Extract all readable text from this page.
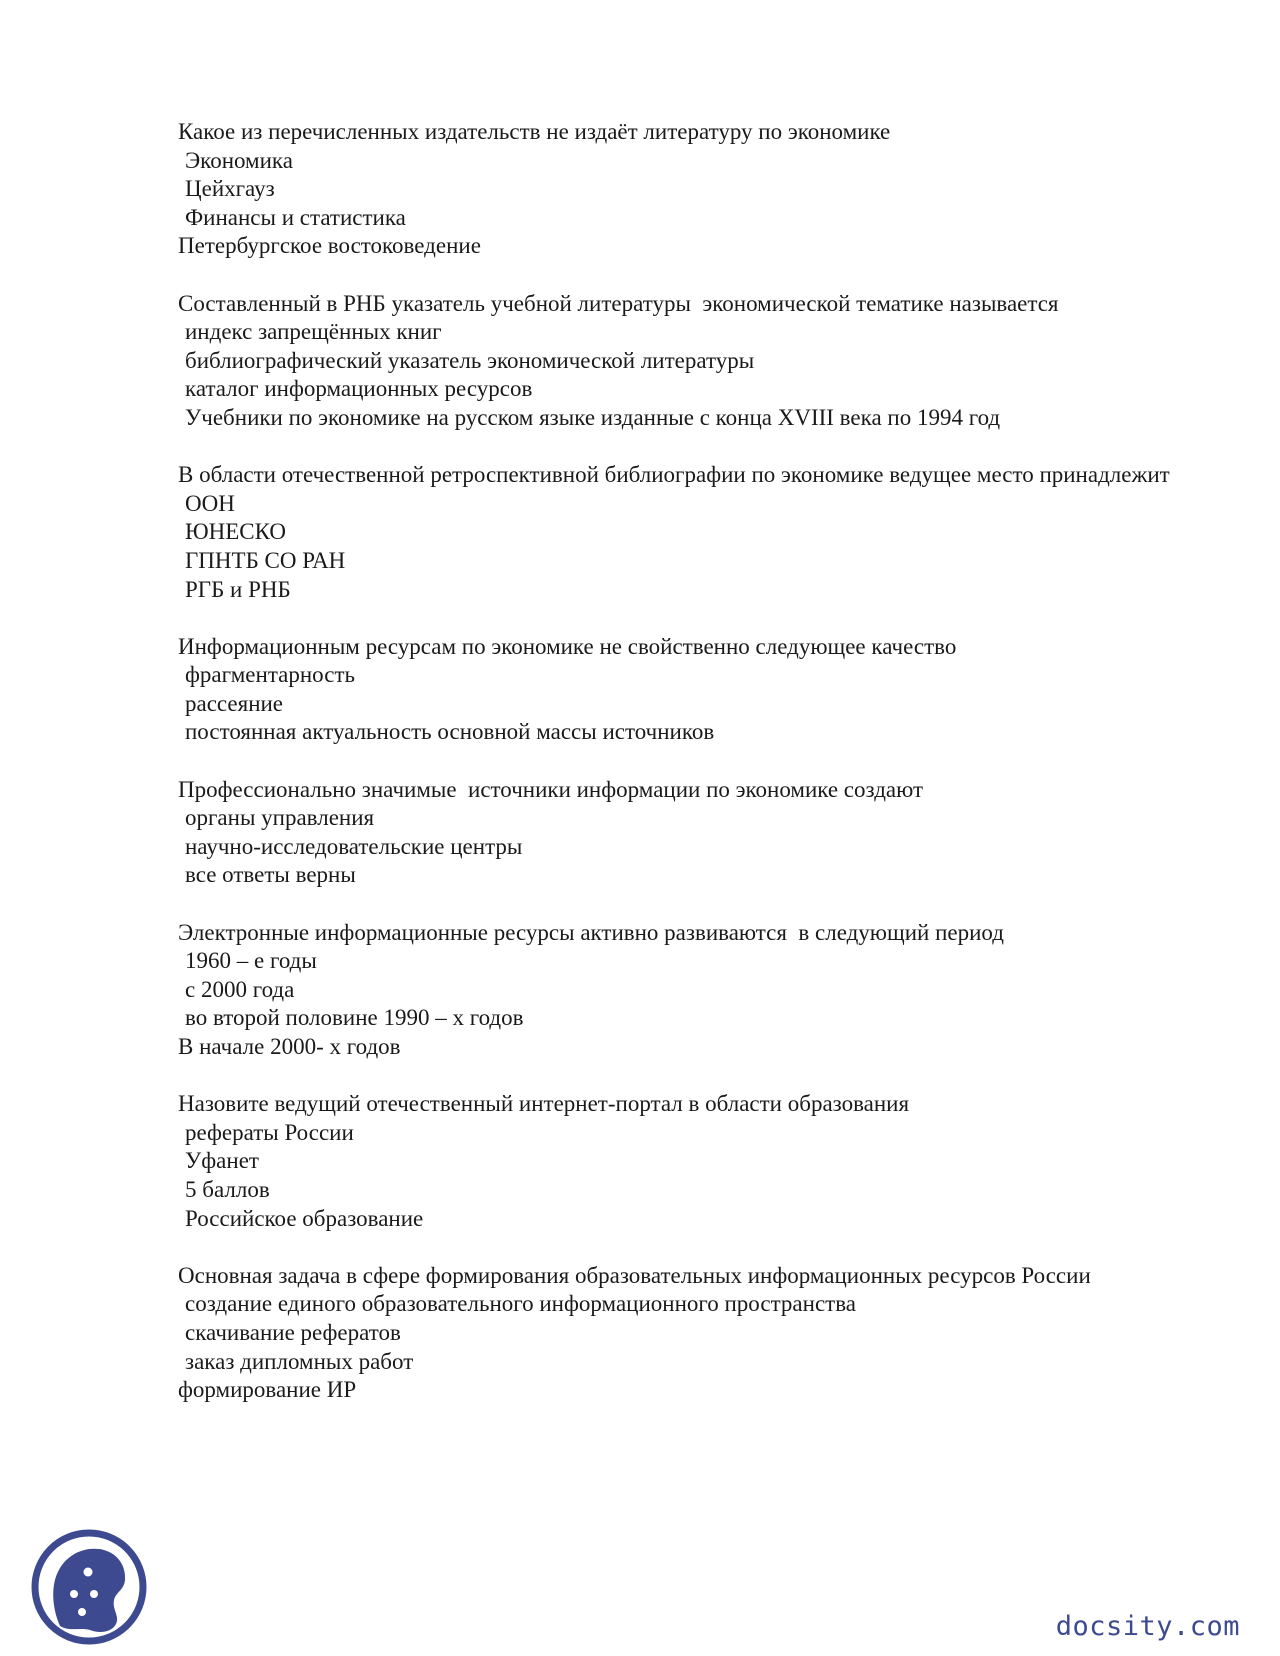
Какое из перечисленных издательств не издаёт литературу по экономике
Экономика
Цейхгауз
Финансы и статистика
Петербургское востоковедение
Составленный в РНБ указатель учебной литературы  экономической тематике называется
индекс запрещённых книг
библиографический указатель экономической литературы
каталог информационных ресурсов
Учебники по экономике на русском языке изданные с конца XVIII века по 1994 год
В области отечественной ретроспективной библиографии по экономике ведущее место принадлежит
ООН
ЮНЕСКО
ГПНТБ СО РАН
РГБ и РНБ
Информационным ресурсам по экономике не свойственно следующее качество
фрагментарность
рассеяние
постоянная актуальность основной массы источников
Профессионально значимые  источники информации по экономике создают
органы управления
научно-исследовательские центры
все ответы верны
Электронные информационные ресурсы активно развиваются  в следующий период
1960 – е годы
с 2000 года
во второй половине 1990 – х годов
В начале 2000- х годов
Назовите ведущий отечественный интернет-портал в области образования
рефераты России
Уфанет
5 баллов
Российское образование
Основная задача в сфере формирования образовательных информационных ресурсов России
создание единого образовательного информационного пространства
скачивание рефератов
заказ дипломных работ
формирование ИР
docsity.com
